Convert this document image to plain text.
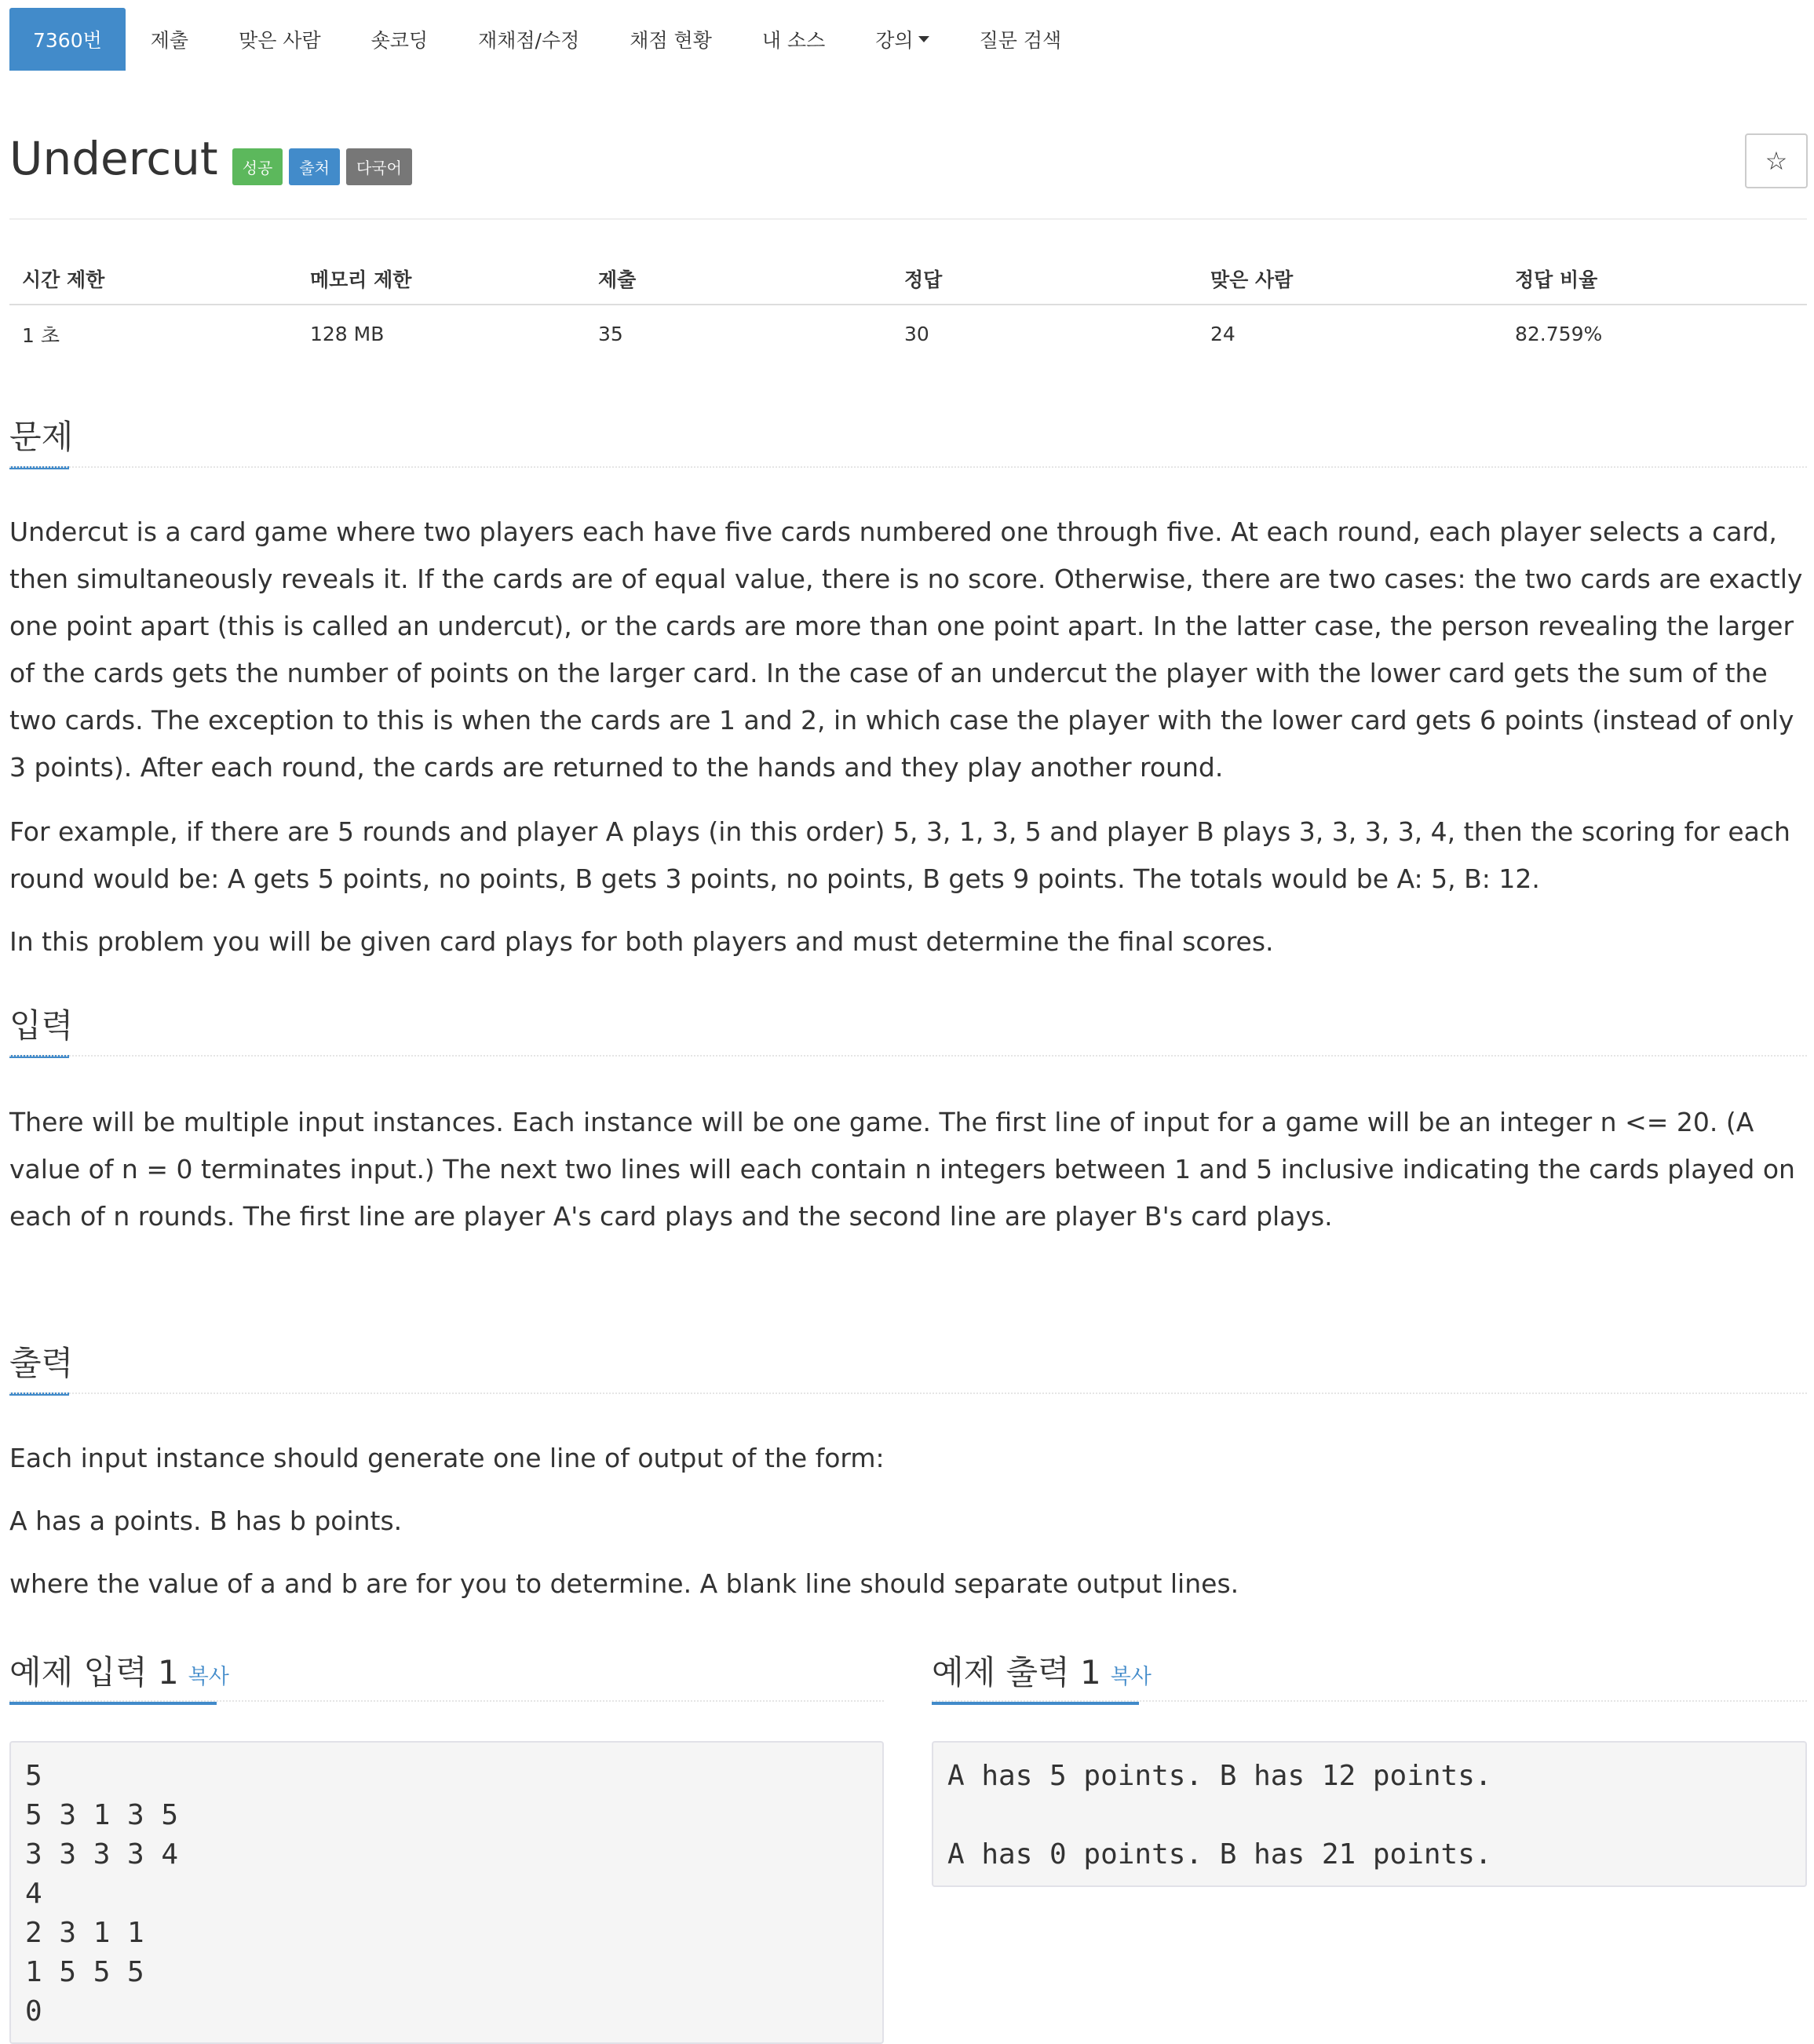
7360번	제출	맞은 사람	숏코딩	재채점/수정	채점 현황	내 소스	강의	질문 검색
Undercut	성공	출처	다국어	☆
시간 제한	메모리 제한	제출	정답	맞은 사람	정답 비율
1 초	128 MB	35	30	24	82.759%
문제
Undercut is a card game where two players each have five cards numbered one through five. At each round, each player selects a card, then simultaneously reveals it. If the cards are of equal value, there is no score. Otherwise, there are two cases: the two cards are exactly one point apart (this is called an undercut), or the cards are more than one point apart. In the latter case, the person revealing the larger of the cards gets the number of points on the larger card. In the case of an undercut the player with the lower card gets the sum of the two cards. The exception to this is when the cards are 1 and 2, in which case the player with the lower card gets 6 points (instead of only 3 points). After each round, the cards are returned to the hands and they play another round.
For example, if there are 5 rounds and player A plays (in this order) 5, 3, 1, 3, 5 and player B plays 3, 3, 3, 3, 4, then the scoring for each round would be: A gets 5 points, no points, B gets 3 points, no points, B gets 9 points. The totals would be A: 5, B: 12.
In this problem you will be given card plays for both players and must determine the final scores.
입력
There will be multiple input instances. Each instance will be one game. The first line of input for a game will be an integer n <= 20. (A value of n = 0 terminates input.) The next two lines will each contain n integers between 1 and 5 inclusive indicating the cards played on each of n rounds. The first line are player A's card plays and the second line are player B's card plays.
출력
Each input instance should generate one line of output of the form:
A has a points. B has b points.
where the value of a and b are for you to determine. A blank line should separate output lines.
예제 입력 1 복사
5
5 3 1 3 5
3 3 3 3 4
4
2 3 1 1
1 5 5 5
0
예제 출력 1 복사
A has 5 points. B has 12 points.

A has 0 points. B has 21 points.
